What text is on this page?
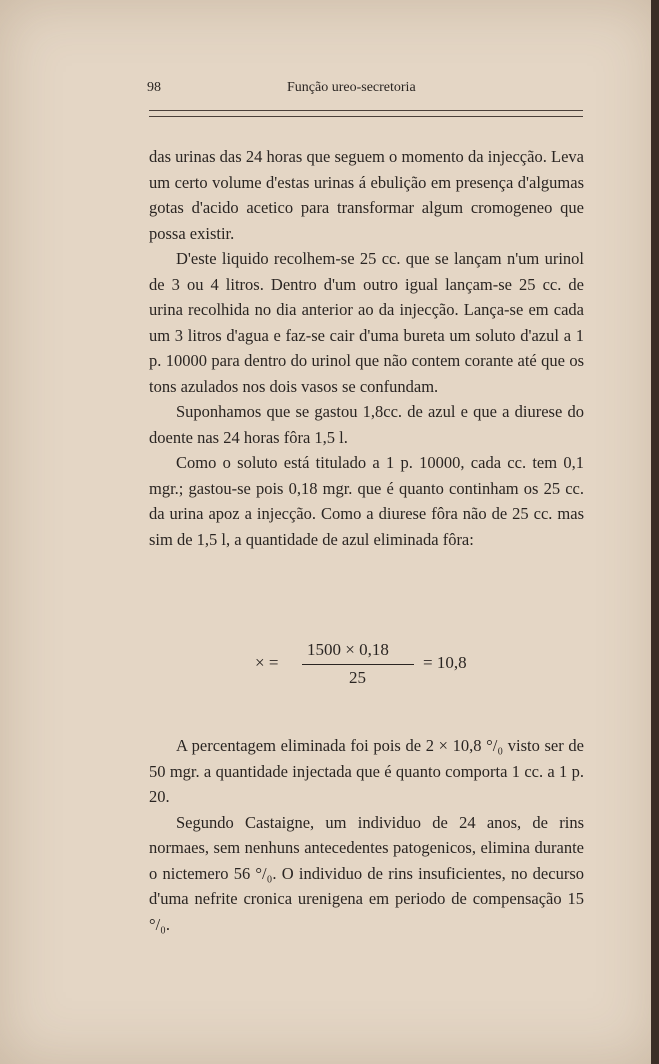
98	Função ureo-secretoria

das urinas das 24 horas que seguem o momento da injecção. Leva um certo volume d'estas urinas á ebulição em presença d'algumas gotas d'acido acetico para transformar algum cromogeneo que possa existir.

D'este liquido recolhem-se 25 cc. que se lançam n'um urinol de 3 ou 4 litros. Dentro d'um outro igual lançam-se 25 cc. de urina recolhida no dia anterior ao da injecção. Lança-se em cada um 3 litros d'agua e faz-se cair d'uma bureta um soluto d'azul a 1 p. 10000 para dentro do urinol que não contem corante até que os tons azulados nos dois vasos se confundam.

Suponhamos que se gastou 1,8cc. de azul e que a diurese do doente nas 24 horas fôra 1,5 l.

Como o soluto está titulado a 1 p. 10000, cada cc. tem 0,1 mgr.; gastou-se pois 0,18 mgr. que é quanto continham os 25 cc. da urina apoz a injecção. Como a diurese fôra não de 25 cc. mas sim de 1,5 l, a quantidade de azul eliminada fôra:

× =
1500 × 0,18
25
= 10,8

A percentagem eliminada foi pois de 2 × 10,8 °/₀ visto ser de 50 mgr. a quantidade injectada que é quanto comporta 1 cc. a 1 p. 20.

Segundo Castaigne, um individuo de 24 anos, de rins normaes, sem nenhuns antecedentes patogenicos, elimina durante o nictemero 56 °/₀. O individuo de rins insuficientes, no decurso d'uma nefrite cronica urenigena em periodo de compensação 15 °/₀.
